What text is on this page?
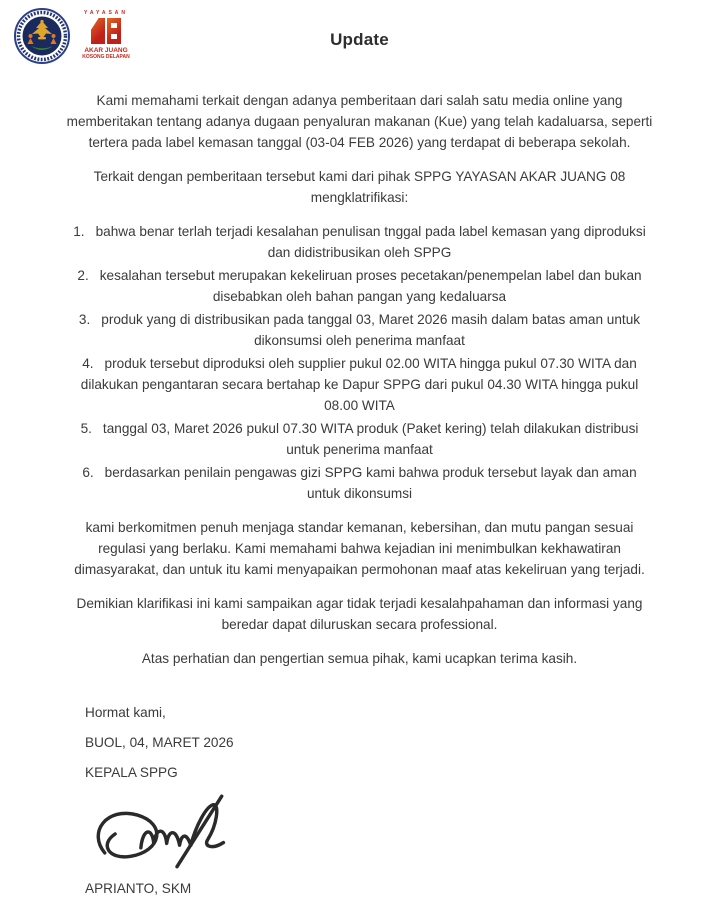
YAYASAN
AKAR JUANG
KOSONG DELAPAN
Update

Kami memahami terkait dengan adanya pemberitaan dari salah satu media online yang memberitakan tentang adanya dugaan penyaluran makanan (Kue) yang telah kadaluarsa, seperti tertera pada label kemasan tanggal (03-04 FEB 2026) yang terdapat di beberapa sekolah.

Terkait dengan pemberitaan tersebut kami dari pihak SPPG YAYASAN AKAR JUANG 08 mengklatrifikasi:

1. bahwa benar terlah terjadi kesalahan penulisan tnggal pada label kemasan yang diproduksi dan didistribusikan oleh SPPG
2. kesalahan tersebut merupakan kekeliruan proses pecetakan/penempelan label dan bukan disebabkan oleh bahan pangan yang kedaluarsa
3. produk yang di distribusikan pada tanggal 03, Maret 2026 masih dalam batas aman untuk dikonsumsi oleh penerima manfaat
4. produk tersebut diproduksi oleh supplier pukul 02.00 WITA hingga pukul 07.30 WITA dan dilakukan pengantaran secara bertahap ke Dapur SPPG dari pukul 04.30 WITA hingga pukul 08.00 WITA
5. tanggal 03, Maret 2026 pukul 07.30 WITA produk (Paket kering) telah dilakukan distribusi untuk penerima manfaat
6. berdasarkan penilain pengawas gizi SPPG kami bahwa produk tersebut layak dan aman untuk dikonsumsi

kami berkomitmen penuh menjaga standar kemanan, kebersihan, dan mutu pangan sesuai regulasi yang berlaku. Kami memahami bahwa kejadian ini menimbulkan kekhawatiran dimasyarakat, dan untuk itu kami menyapaikan permohonan maaf atas kekeliruan yang terjadi.

Demikian klarifikasi ini kami sampaikan agar tidak terjadi kesalahpahaman dan informasi yang beredar dapat diluruskan secara professional.

Atas perhatian dan pengertian semua pihak, kami ucapkan terima kasih.

Hormat kami,
BUOL, 04, MARET 2026
KEPALA SPPG
APRIANTO, SKM
